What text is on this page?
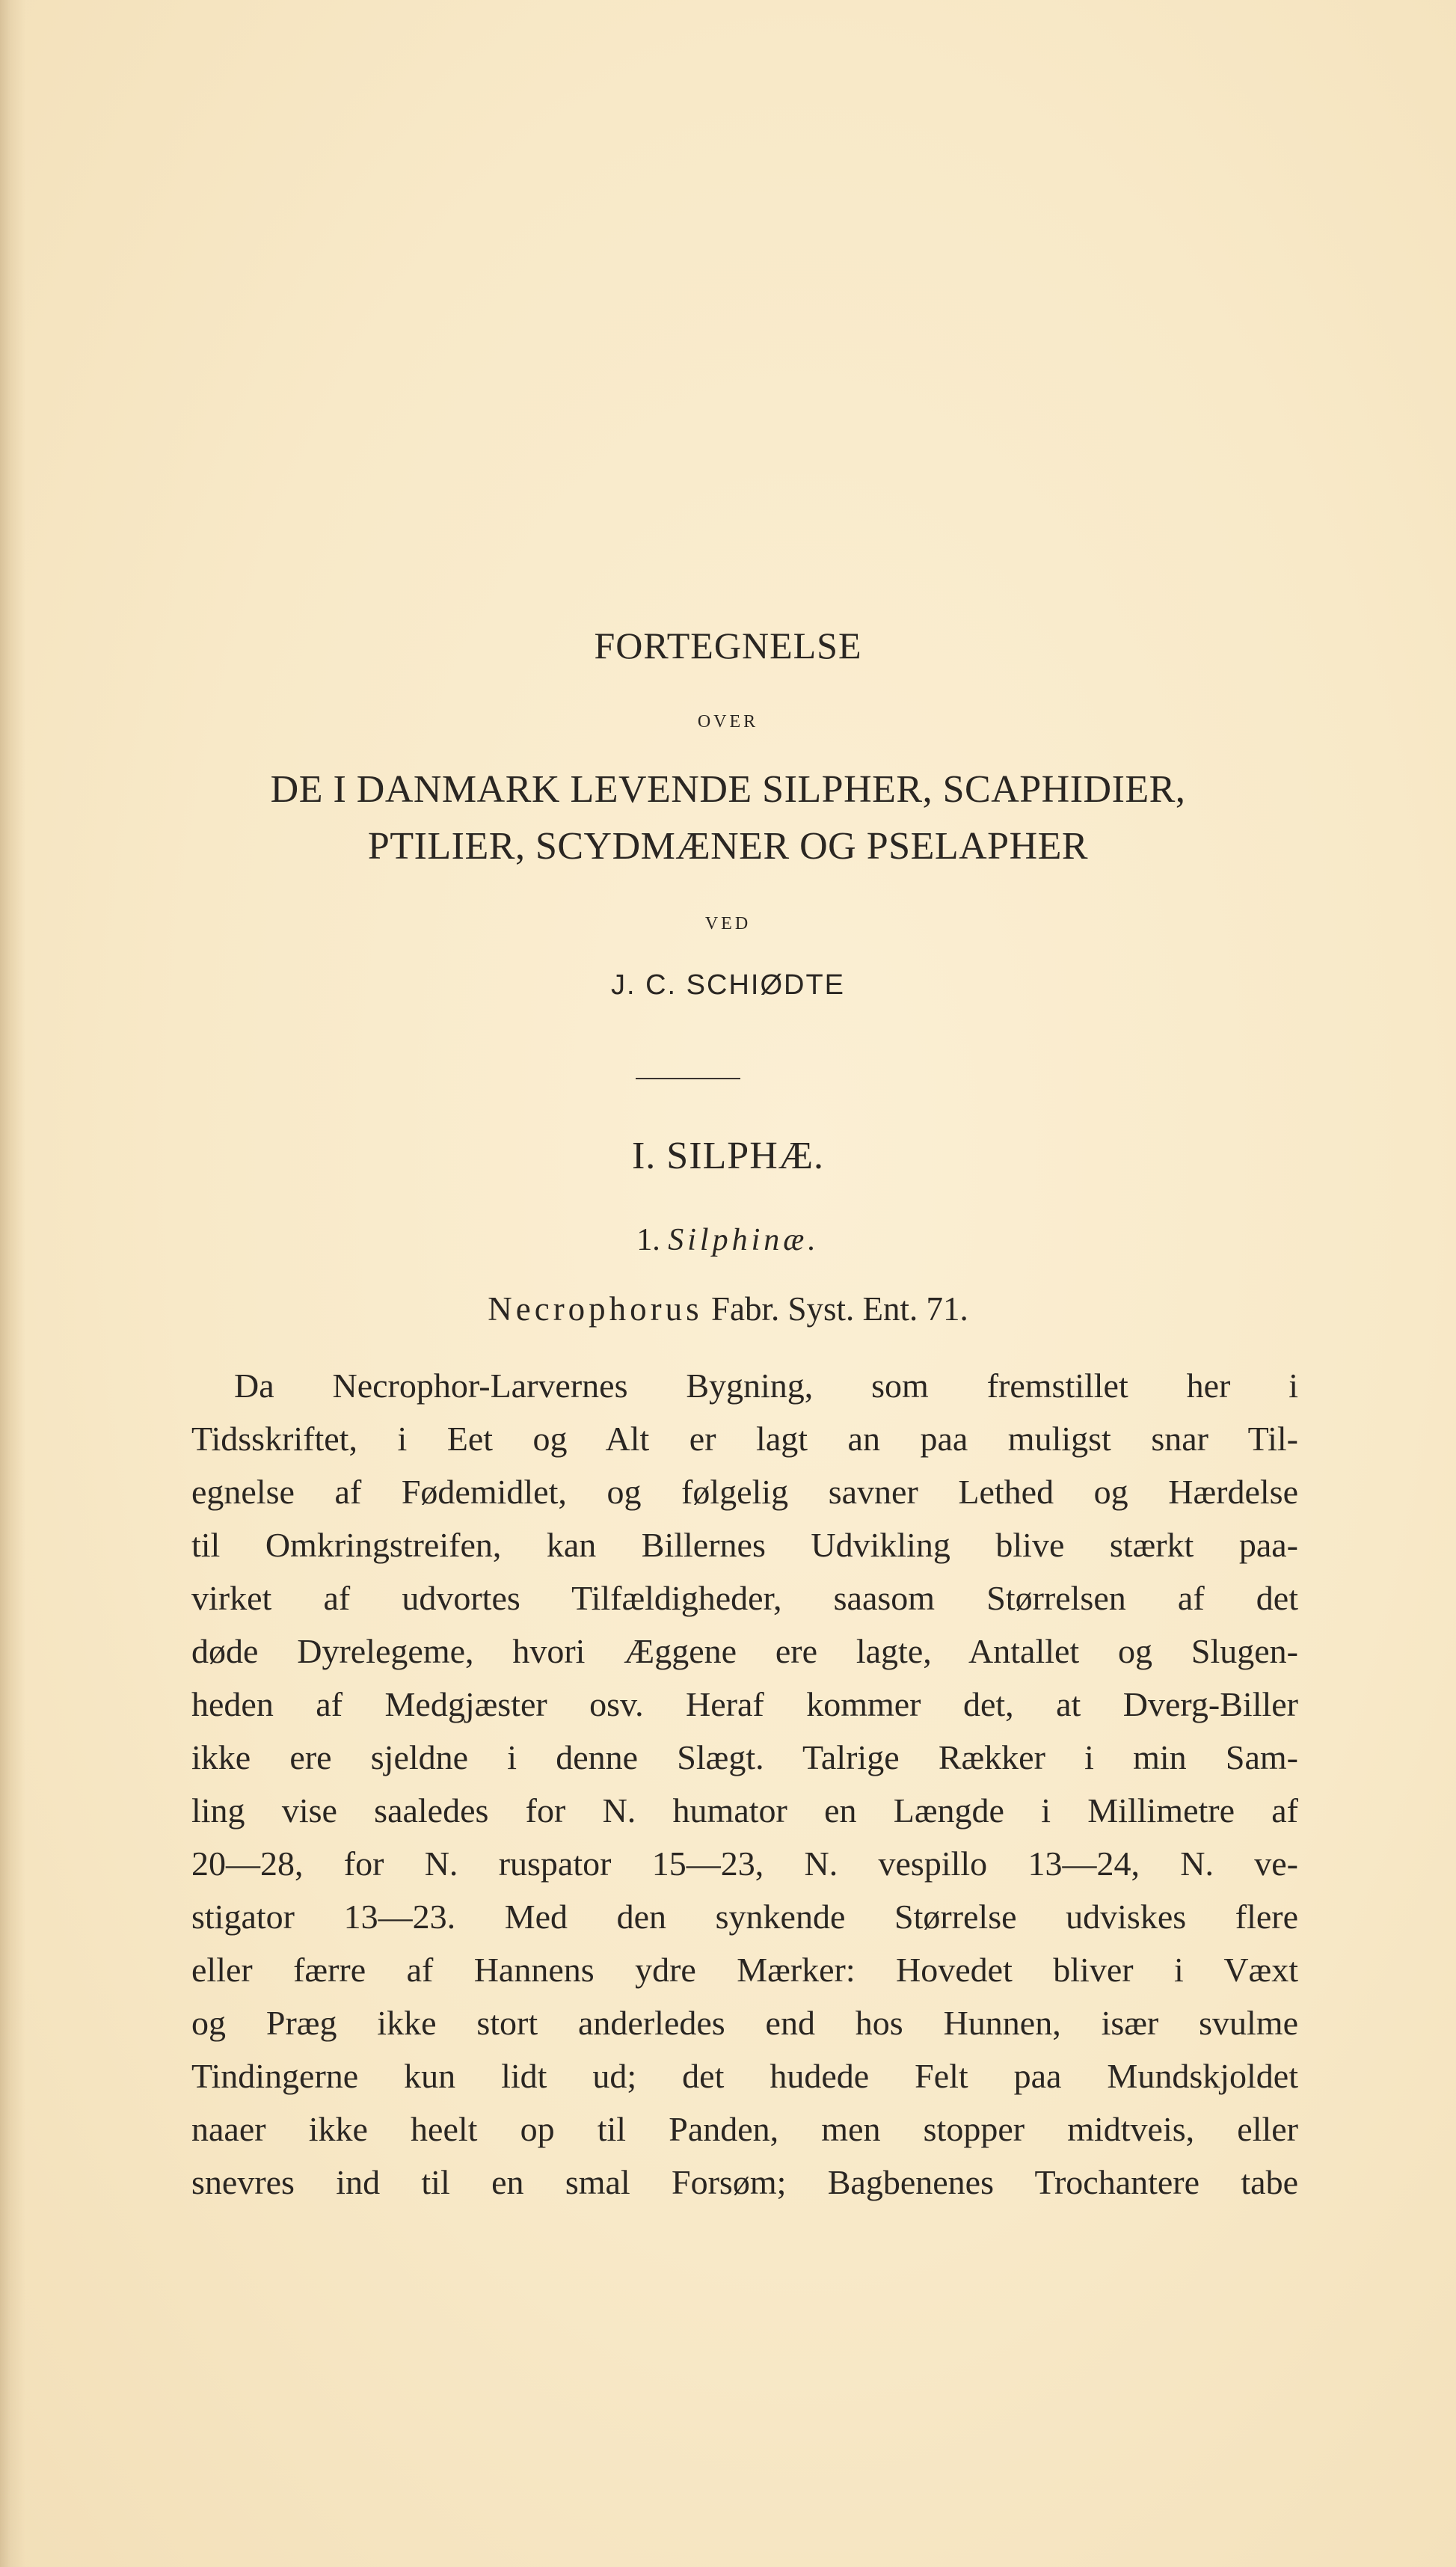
FORTEGNELSE
OVER
DE I DANMARK LEVENDE SILPHER, SCAPHIDIER,
PTILIER, SCYDMÆNER OG PSELAPHER
VED
J. C. SCHIØDTE
I. SILPHÆ.
1. Silphinæ.
Necrophorus Fabr. Syst. Ent. 71.
Da Necrophor-Larvernes Bygning, som fremstillet her i
Tidsskriftet, i Eet og Alt er lagt an paa muligst snar Til-
egnelse af Fødemidlet, og følgelig savner Lethed og Hærdelse
til Omkringstreifen, kan Billernes Udvikling blive stærkt paa-
virket af udvortes Tilfældigheder, saasom Størrelsen af det
døde Dyrelegeme, hvori Æggene ere lagte, Antallet og Slugen-
heden af Medgjæster osv. Heraf kommer det, at Dverg-Biller
ikke ere sjeldne i denne Slægt. Talrige Rækker i min Sam-
ling vise saaledes for N. humator en Længde i Millimetre af
20—28, for N. ruspator 15—23, N. vespillo 13—24, N. ve-
stigator 13—23. Med den synkende Størrelse udviskes flere
eller færre af Hannens ydre Mærker: Hovedet bliver i Væxt
og Præg ikke stort anderledes end hos Hunnen, især svulme
Tindingerne kun lidt ud; det hudede Felt paa Mundskjoldet
naaer ikke heelt op til Panden, men stopper midtveis, eller
snevres ind til en smal Forsøm; Bagbenenes Trochantere tabe
